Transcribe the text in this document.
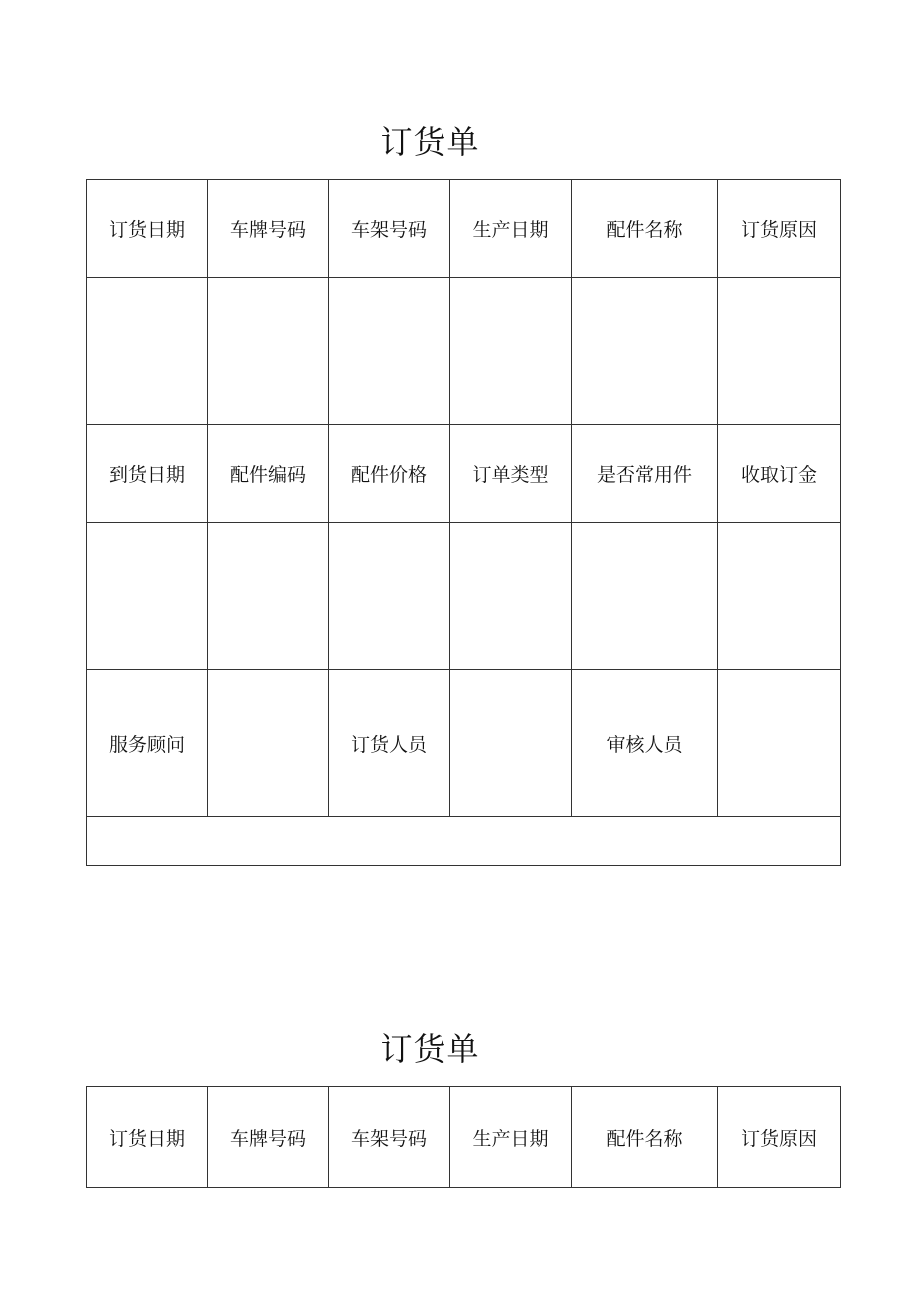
订货单
订货日期	车牌号码	车架号码	生产日期	配件名称	订货原因

到货日期	配件编码	配件价格	订单类型	是否常用件	收取订金

服务顾问		订货人员		审核人员	

订货单
订货日期	车牌号码	车架号码	生产日期	配件名称	订货原因
